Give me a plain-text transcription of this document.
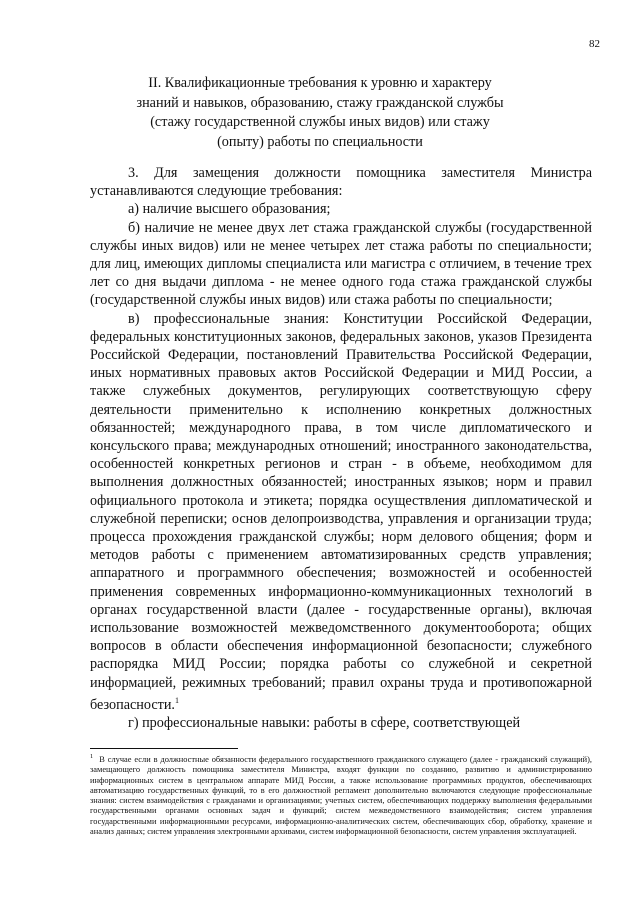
82
II. Квалификационные требования к уровню и характеру
знаний и навыков, образованию, стажу гражданской службы
(стажу государственной службы иных видов) или стажу
(опыту) работы по специальности

3. Для замещения должности помощника заместителя Министра устанавливаются следующие требования:

а) наличие высшего образования;

б) наличие не менее двух лет стажа гражданской службы (государственной службы иных видов) или не менее четырех лет стажа работы по специальности; для лиц, имеющих дипломы специалиста или магистра с отличием, в течение трех лет со дня выдачи диплома - не менее одного года стажа гражданской службы (государственной службы иных видов) или стажа работы по специальности;

в) профессиональные знания: Конституции Российской Федерации, федеральных конституционных законов, федеральных законов, указов Президента Российской Федерации, постановлений Правительства Российской Федерации, иных нормативных правовых актов Российской Федерации и МИД России, а также служебных документов, регулирующих соответствующую сферу деятельности применительно к исполнению конкретных должностных обязанностей; международного права, в том числе дипломатического и консульского права; международных отношений; иностранного законодательства, особенностей конкретных регионов и стран - в объеме, необходимом для выполнения должностных обязанностей; иностранных языков; норм и правил официального протокола и этикета; порядка осуществления дипломатической и служебной переписки; основ делопроизводства, управления и организации труда; процесса прохождения гражданской службы; норм делового общения; форм и методов работы с применением автоматизированных средств управления; аппаратного и программного обеспечения; возможностей и особенностей применения современных информационно-коммуникационных технологий в органах государственной власти (далее - государственные органы), включая использование возможностей межведомственного документооборота; общих вопросов в области обеспечения информационной безопасности; служебного распорядка МИД России; порядка работы со служебной и секретной информацией, режимных требований; правил охраны труда и противопожарной безопасности.$^1$

г) профессиональные навыки: работы в сфере, соответствующей

$^1$ В случае если в должностные обязанности федерального государственного гражданского служащего (далее - гражданский служащий), замещающего должность помощника заместителя Министра, входят функции по созданию, развитию и администрированию информационных систем в центральном аппарате МИД России, а также использование программных продуктов, обеспечивающих автоматизацию государственных функций, то в его должностной регламент дополнительно включаются следующие профессиональные знания: систем взаимодействия с гражданами и организациями; учетных систем, обеспечивающих поддержку выполнения федеральными государственными органами основных задач и функций; систем межведомственного взаимодействия; систем управления государственными информационными ресурсами, информационно-аналитических систем, обеспечивающих сбор, обработку, хранение и анализ данных; систем управления электронными архивами, систем информационной безопасности, систем управления эксплуатацией.
